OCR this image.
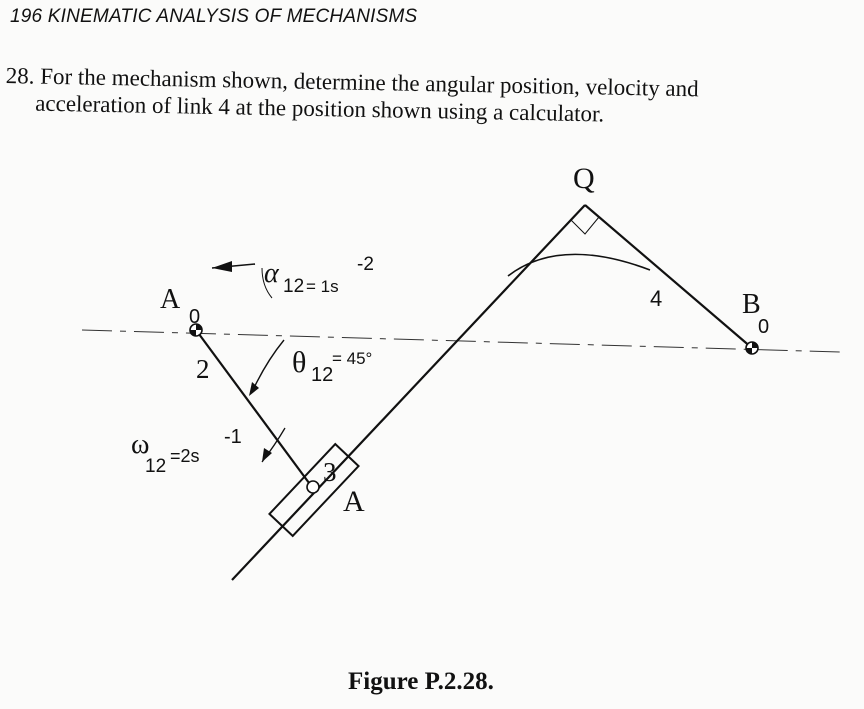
196 KINEMATIC ANALYSIS OF MECHANISMS
28. For the mechanism shown, determine the angular position, velocity and
acceleration of link 4 at the position shown using a calculator.
A
0	B
0
Q
A
2
3
4
α 12 = 1s
-2
θ 12
= 45°
ω
12 =2s
-1
Figure P.2.28.
